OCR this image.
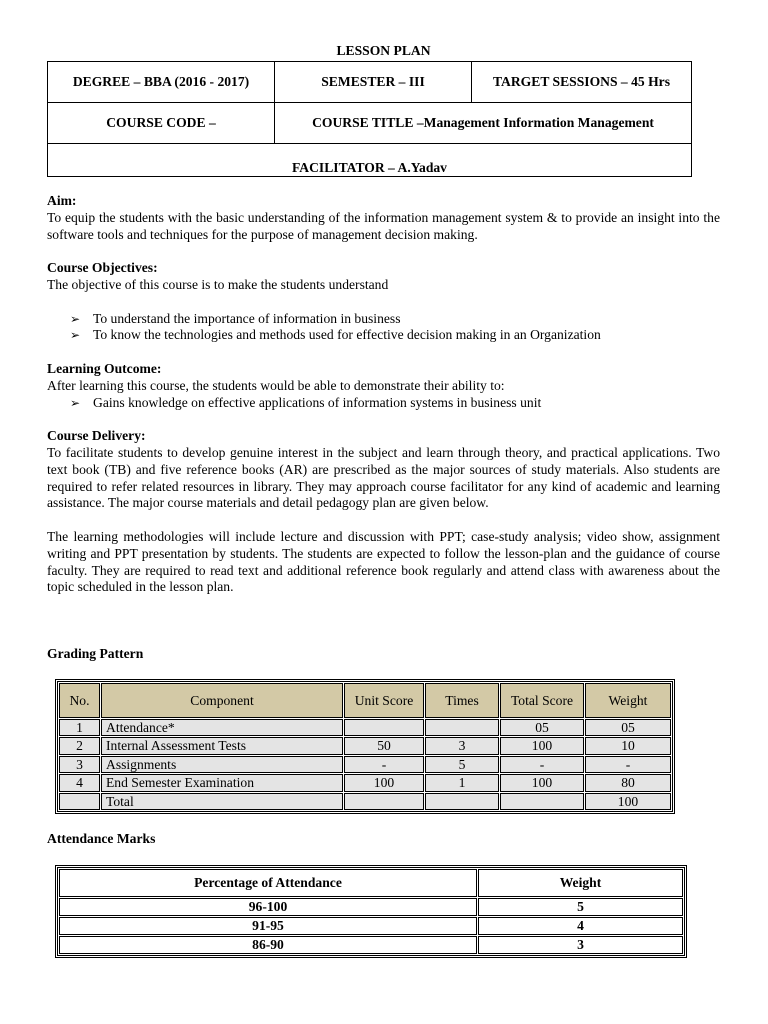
LESSON PLAN
DEGREE – BBA (2016 - 2017)	SEMESTER – III	TARGET SESSIONS – 45 Hrs
COURSE CODE –	COURSE TITLE –Management Information Management	
FACILITATOR – A.Yadav		

Aim:

To equip the students with the basic understanding of the information management system & to provide an insight into the software tools and techniques for the purpose of management decision making.

Course Objectives:

The objective of this course is to make the students understand

➢ To understand the importance of information in business
➢ To know the technologies and methods used for effective decision making in an Organization

Learning Outcome:

After learning this course, the students would be able to demonstrate their ability to:

➢ Gains knowledge on effective applications of information systems in business unit

Course Delivery:

To facilitate students to develop genuine interest in the subject and learn through theory, and practical applications. Two text book (TB) and five reference books (AR) are prescribed as the major sources of study materials. Also students are required to refer related resources in library. They may approach course facilitator for any kind of academic and learning assistance. The major course materials and detail pedagogy plan are given below.

The learning methodologies will include lecture and discussion with PPT; case-study analysis; video show, assignment writing and PPT presentation by students. The students are expected to follow the lesson-plan and the guidance of course faculty. They are required to read text and additional reference book regularly and attend class with awareness about the topic scheduled in the lesson plan.

Grading Pattern

No.	Component	Unit Score	Times	Total Score	Weight
1	Attendance*			05	05
2	Internal Assessment Tests	50	3	100	10
3	Assignments	-	5	-	-
4	End Semester Examination	100	1	100	80
	Total				100

Attendance Marks

Percentage of Attendance	Weight
96-100	5
91-95	4
86-90	3
